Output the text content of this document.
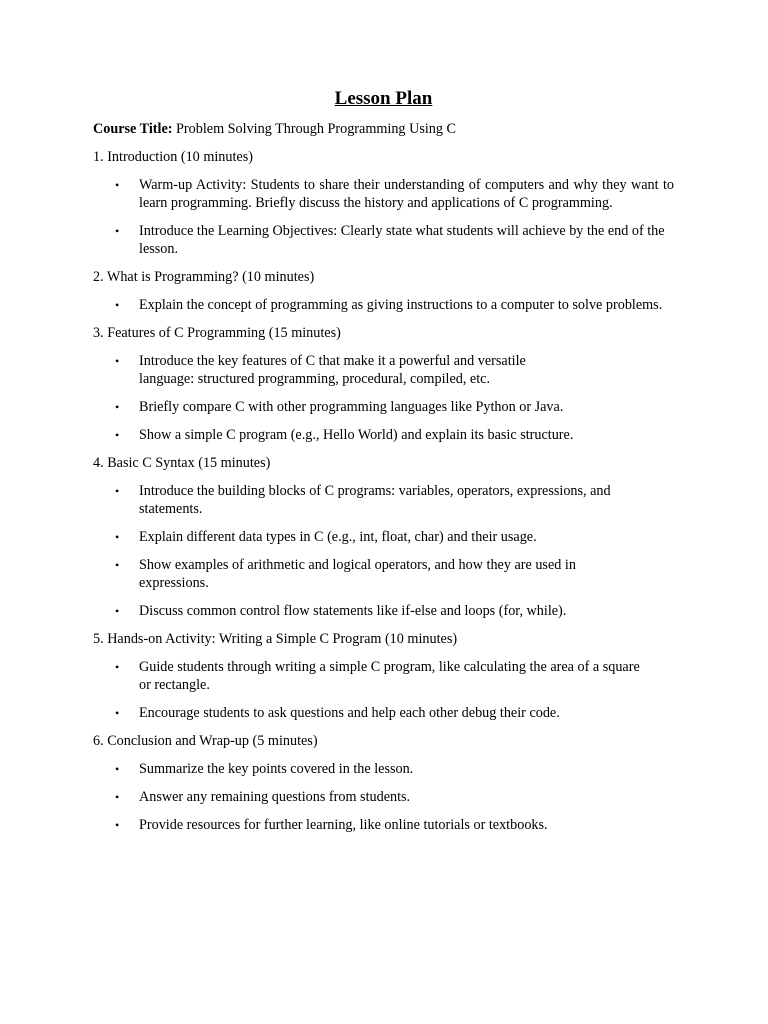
Lesson Plan

Course Title: Problem Solving Through Programming Using C

1. Introduction (10 minutes)

• Warm-up Activity: Students to share their understanding of computers and why they want to learn programming. Briefly discuss the history and applications of C programming.
• Introduce the Learning Objectives: Clearly state what students will achieve by the end of the lesson.

2. What is Programming? (10 minutes)

• Explain the concept of programming as giving instructions to a computer to solve problems.

3. Features of C Programming (15 minutes)

• Introduce the key features of C that make it a powerful and versatile language: structured programming, procedural, compiled, etc.
• Briefly compare C with other programming languages like Python or Java.
• Show a simple C program (e.g., Hello World) and explain its basic structure.

4. Basic C Syntax (15 minutes)

• Introduce the building blocks of C programs: variables, operators, expressions, and statements.
• Explain different data types in C (e.g., int, float, char) and their usage.
• Show examples of arithmetic and logical operators, and how they are used in expressions.
• Discuss common control flow statements like if-else and loops (for, while).

5. Hands-on Activity: Writing a Simple C Program (10 minutes)

• Guide students through writing a simple C program, like calculating the area of a square or rectangle.
• Encourage students to ask questions and help each other debug their code.

6. Conclusion and Wrap-up (5 minutes)

• Summarize the key points covered in the lesson.
• Answer any remaining questions from students.
• Provide resources for further learning, like online tutorials or textbooks.
